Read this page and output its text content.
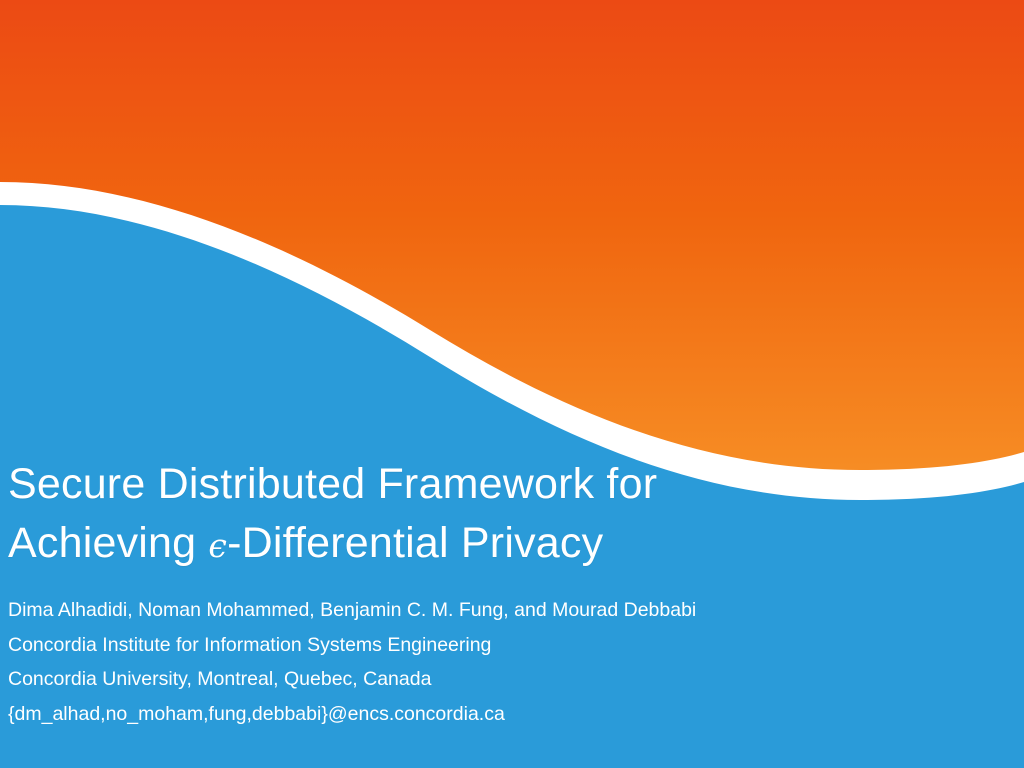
Secure Distributed Framework for
Achieving ϵ-Differential Privacy

Dima Alhadidi, Noman Mohammed, Benjamin C. M. Fung, and Mourad Debbabi

Concordia Institute for Information Systems Engineering

Concordia University, Montreal, Quebec, Canada

{dm_alhad,no_moham,fung,debbabi}@encs.concordia.ca
